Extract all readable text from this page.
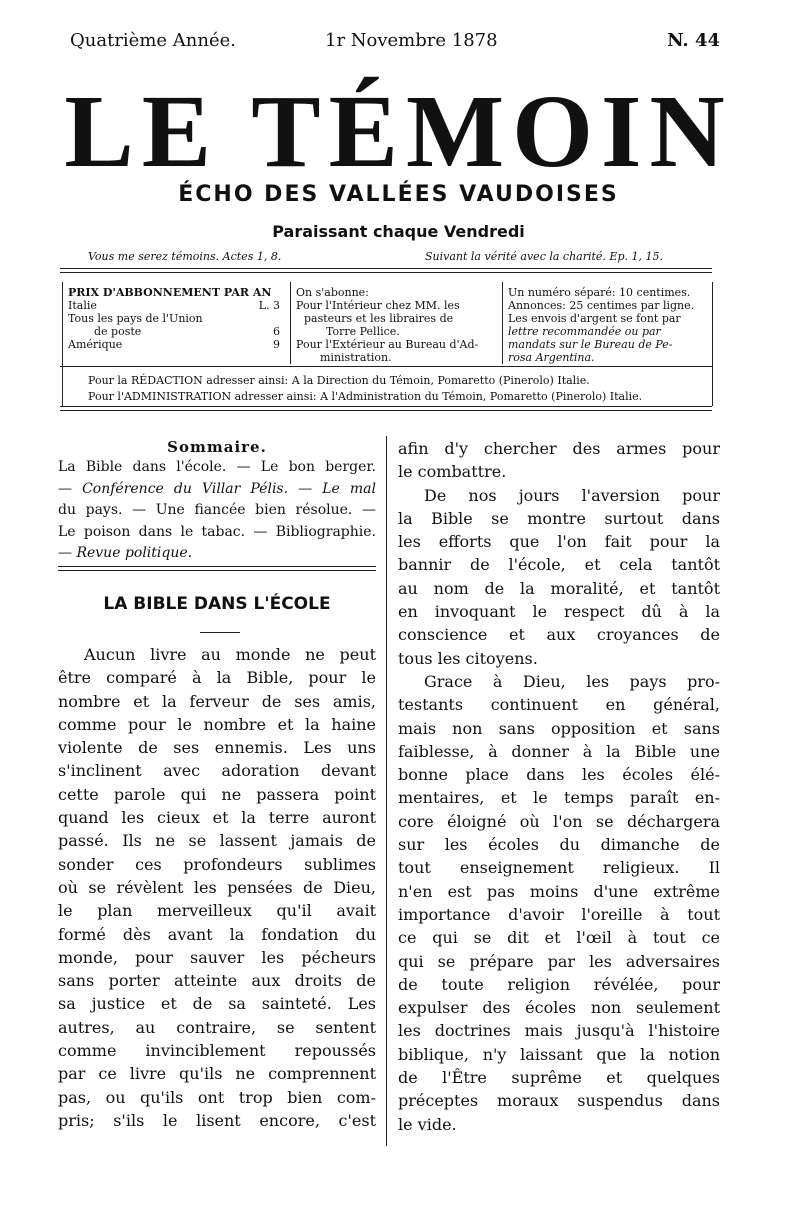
Quatrième Année.	1r Novembre 1878	N. 44
LE TÉMOIN
ÉCHO DES VALLÉES VAUDOISES
Paraissant chaque Vendredi
Vous me serez témoins. Actes 1, 8.	Suivant la vérité avec la charité. Ep. 1, 15.
PRIX D'ABBONNEMENT PAR AN
Italie	L. 3
Tous les pays de l'Union
de poste	6
Amérique	9
On s'abonne:
Pour l'Intérieur chez MM. les
pasteurs et les libraires de
Torre Pellice.
Pour l'Extérieur au Bureau d'Ad-
ministration.
Un numéro séparé: 10 centimes.
Annonces: 25 centimes par ligne.
Les envois d'argent se font par
lettre recommandée ou par
mandats sur le Bureau de Pe-
rosa Argentina.
Pour la RÉDACTION adresser ainsi: A la Direction du Témoin, Pomaretto (Pinerolo) Italie.
Pour l'ADMINISTRATION adresser ainsi: A l'Administration du Témoin, Pomaretto (Pinerolo) Italie.
Sommaire.
La Bible dans l'école. — Le bon berger.
— Conférence du Villar Pélis. — Le mal
du pays. — Une fiancée bien résolue. —
Le poison dans le tabac. — Bibliographie.
— Revue politique.
LA BIBLE DANS L'ÉCOLE
Aucun livre au monde ne peut
être comparé à la Bible, pour le
nombre et la ferveur de ses amis,
comme pour le nombre et la haine
violente de ses ennemis. Les uns
s'inclinent avec adoration devant
cette parole qui ne passera point
quand les cieux et la terre auront
passé. Ils ne se lassent jamais de
sonder ces profondeurs sublimes
où se révèlent les pensées de Dieu,
le plan merveilleux qu'il avait
formé dès avant la fondation du
monde, pour sauver les pécheurs
sans porter atteinte aux droits de
sa justice et de sa sainteté. Les
autres, au contraire, se sentent
comme invinciblement repoussés
par ce livre qu'ils ne comprennent
pas, ou qu'ils ont trop bien com-
pris; s'ils le lisent encore, c'est
afin d'y chercher des armes pour
le combattre.
De nos jours l'aversion pour
la Bible se montre surtout dans
les efforts que l'on fait pour la
bannir de l'école, et cela tantôt
au nom de la moralité, et tantôt
en invoquant le respect dû à la
conscience et aux croyances de
tous les citoyens.
Grace à Dieu, les pays pro-
testants continuent en général,
mais non sans opposition et sans
faiblesse, à donner à la Bible une
bonne place dans les écoles élé-
mentaires, et le temps paraît en-
core éloigné où l'on se déchargera
sur les écoles du dimanche de
tout enseignement religieux. Il
n'en est pas moins d'une extrême
importance d'avoir l'oreille à tout
ce qui se dit et l'œil à tout ce
qui se prépare par les adversaires
de toute religion révélée, pour
expulser des écoles non seulement
les doctrines mais jusqu'à l'histoire
biblique, n'y laissant que la notion
de l'Être suprême et quelques
préceptes moraux suspendus dans
le vide.
